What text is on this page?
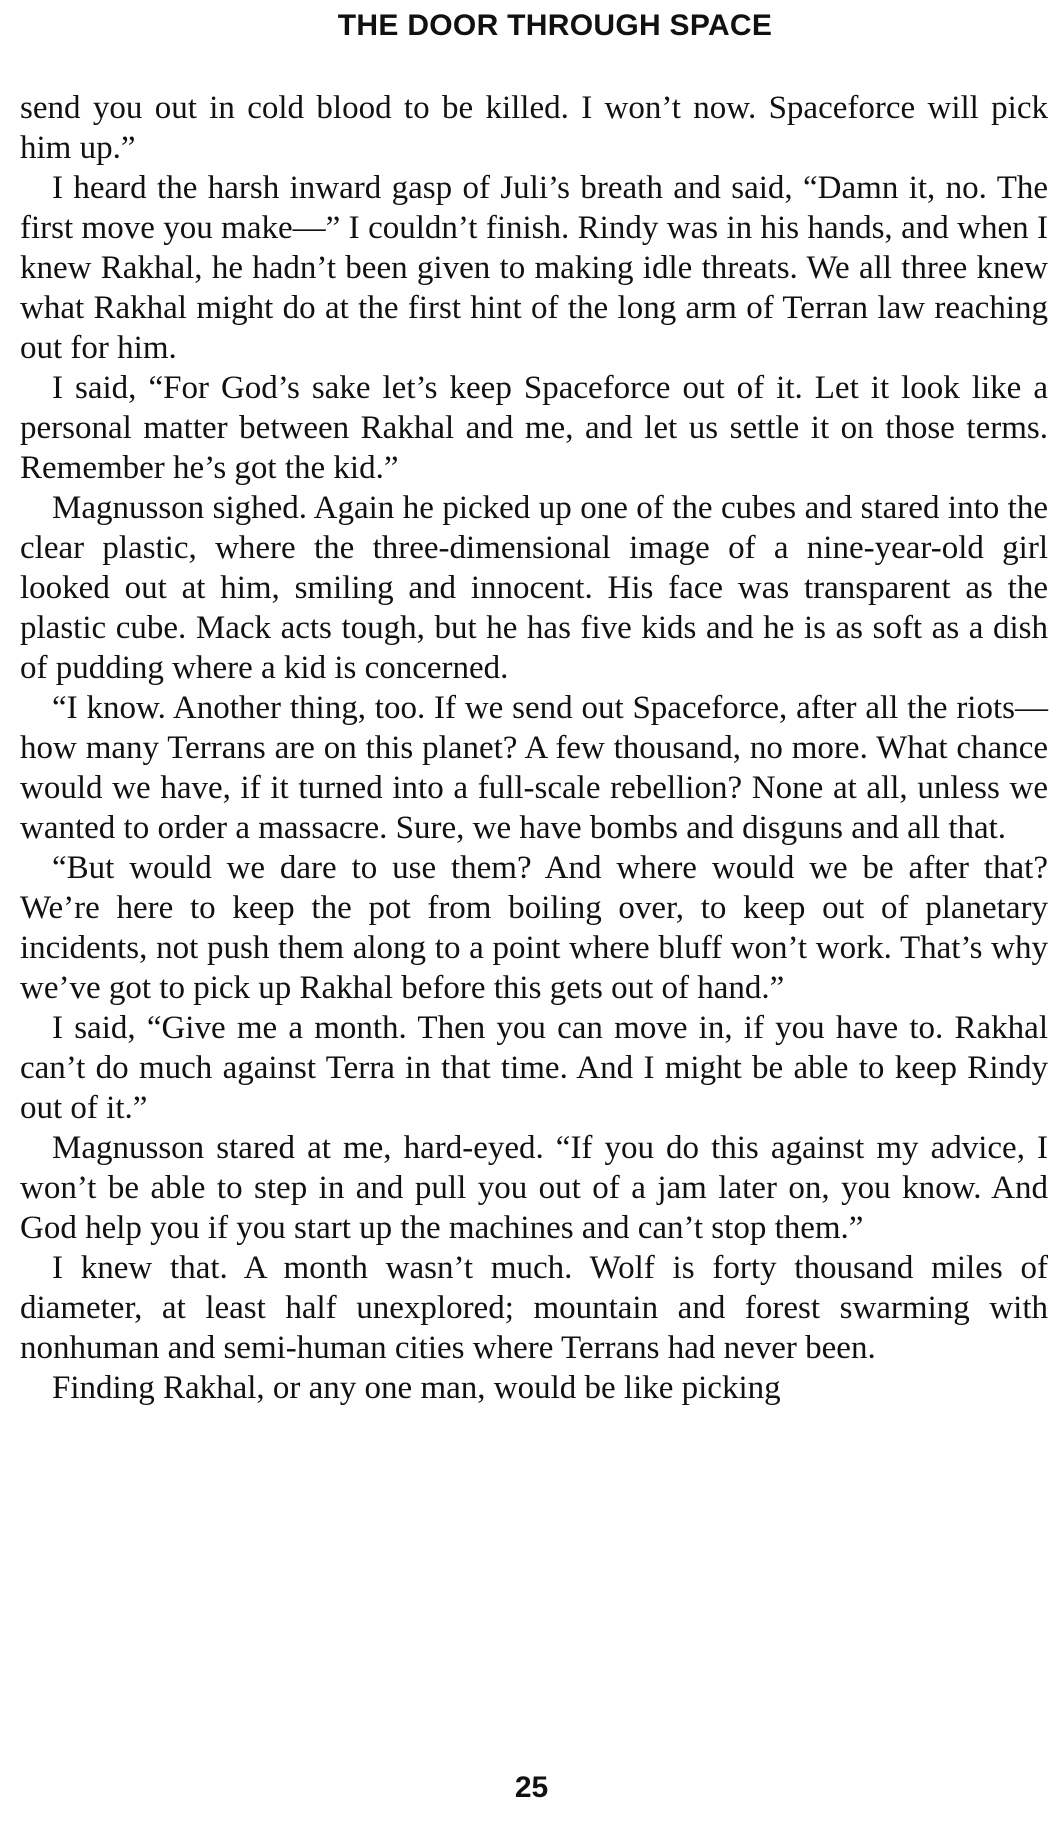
THE DOOR THROUGH SPACE

send you out in cold blood to be killed. I won’t now. Spaceforce will pick him up.”

I heard the harsh inward gasp of Juli’s breath and said, “Damn it, no. The first move you make—” I couldn’t finish. Rindy was in his hands, and when I knew Rakhal, he hadn’t been given to making idle threats. We all three knew what Rakhal might do at the first hint of the long arm of Terran law reaching out for him.

I said, “For God’s sake let’s keep Spaceforce out of it. Let it look like a personal matter between Rakhal and me, and let us settle it on those terms. Remember he’s got the kid.”

Magnusson sighed. Again he picked up one of the cubes and stared into the clear plastic, where the three-dimensional image of a nine-year-old girl looked out at him, smiling and innocent. His face was transparent as the plastic cube. Mack acts tough, but he has five kids and he is as soft as a dish of pudding where a kid is concerned.

“I know. Another thing, too. If we send out Spaceforce, after all the riots—how many Terrans are on this planet? A few thousand, no more. What chance would we have, if it turned into a full-scale rebellion? None at all, unless we wanted to order a massacre. Sure, we have bombs and disguns and all that.

“But would we dare to use them? And where would we be after that? We’re here to keep the pot from boiling over, to keep out of planetary incidents, not push them along to a point where bluff won’t work. That’s why we’ve got to pick up Rakhal before this gets out of hand.”

I said, “Give me a month. Then you can move in, if you have to. Rakhal can’t do much against Terra in that time. And I might be able to keep Rindy out of it.”

Magnusson stared at me, hard-eyed. “If you do this against my advice, I won’t be able to step in and pull you out of a jam later on, you know. And God help you if you start up the machines and can’t stop them.”

I knew that. A month wasn’t much. Wolf is forty thousand miles of diameter, at least half unexplored; mountain and forest swarming with nonhuman and semi-human cities where Terrans had never been.

Finding Rakhal, or any one man, would be like picking

25
